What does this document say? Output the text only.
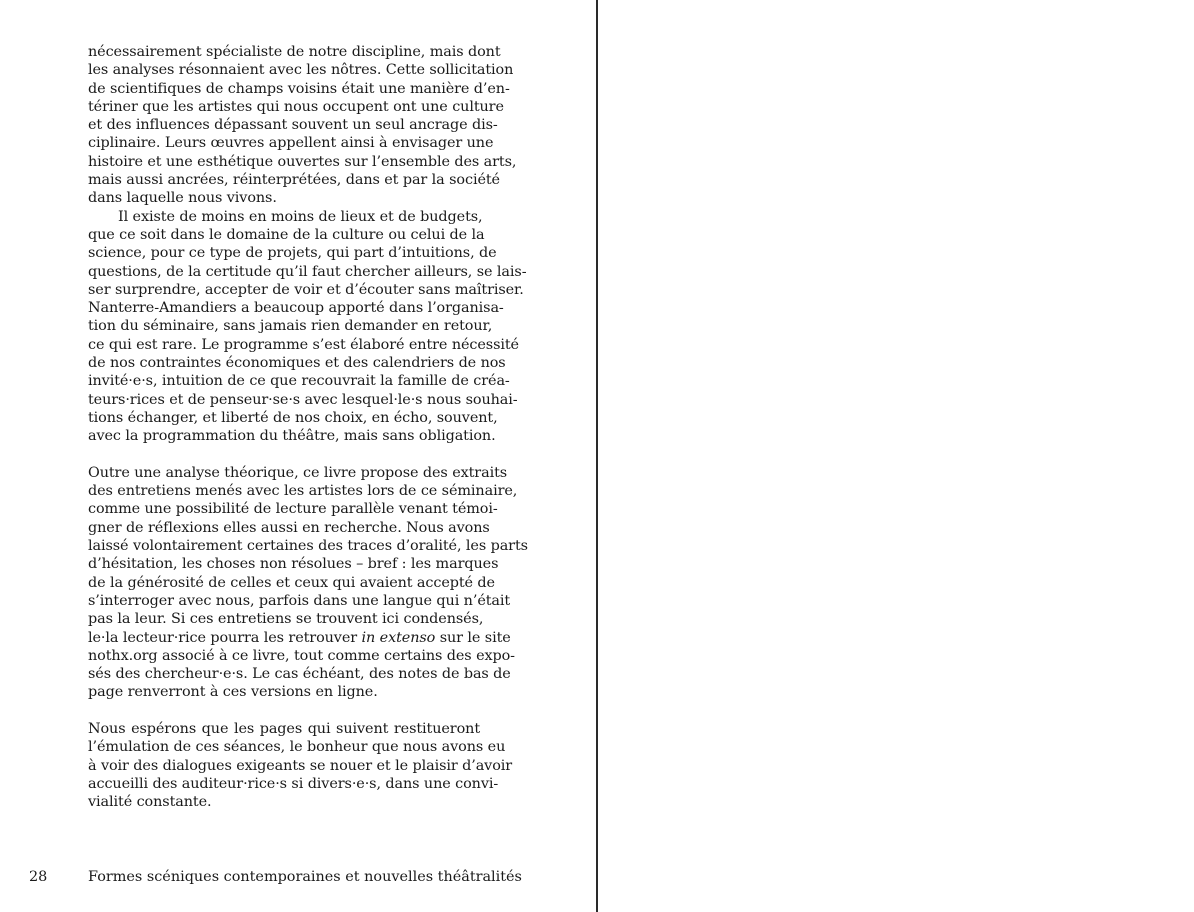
nécessairement spécialiste de notre discipline, mais dont
les analyses résonnaient avec les nôtres. Cette sollicitation
de scientifiques de champs voisins était une manière d’en-
tériner que les artistes qui nous occupent ont une culture
et des influences dépassant souvent un seul ancrage dis-
ciplinaire. Leurs œuvres appellent ainsi à envisager une
histoire et une esthétique ouvertes sur l’ensemble des arts,
mais aussi ancrées, réinterprétées, dans et par la société
dans laquelle nous vivons.
Il existe de moins en moins de lieux et de budgets,
que ce soit dans le domaine de la culture ou celui de la
science, pour ce type de projets, qui part d’intuitions, de
questions, de la certitude qu’il faut chercher ailleurs, se lais-
ser surprendre, accepter de voir et d’écouter sans maîtriser.
Nanterre-Amandiers a beaucoup apporté dans l’organisa-
tion du séminaire, sans jamais rien demander en retour,
ce qui est rare. Le programme s’est élaboré entre nécessité
de nos contraintes économiques et des calendriers de nos
invité·e·s, intuition de ce que recouvrait la famille de créa-
teurs·rices et de penseur·se·s avec lesquel·le·s nous souhai-
tions échanger, et liberté de nos choix, en écho, souvent,
avec la programmation du théâtre, mais sans obligation.
Outre une analyse théorique, ce livre propose des extraits
des entretiens menés avec les artistes lors de ce séminaire,
comme une possibilité de lecture parallèle venant témoi-
gner de réflexions elles aussi en recherche. Nous avons
laissé volontairement certaines des traces d’oralité, les parts
d’hésitation, les choses non résolues – bref : les marques
de la générosité de celles et ceux qui avaient accepté de
s’interroger avec nous, parfois dans une langue qui n’était
pas la leur. Si ces entretiens se trouvent ici condensés,
le·la lecteur·rice pourra les retrouver in extenso sur le site
nothx.org associé à ce livre, tout comme certains des expo-
sés des chercheur·e·s. Le cas échéant, des notes de bas de
page renverront à ces versions en ligne.
Nous espérons que les pages qui suivent restitueront
l’émulation de ces séances, le bonheur que nous avons eu
à voir des dialogues exigeants se nouer et le plaisir d’avoir
accueilli des auditeur·rice·s si divers·e·s, dans une convi-
vialité constante.
28	Formes scéniques contemporaines et nouvelles théâtralités
